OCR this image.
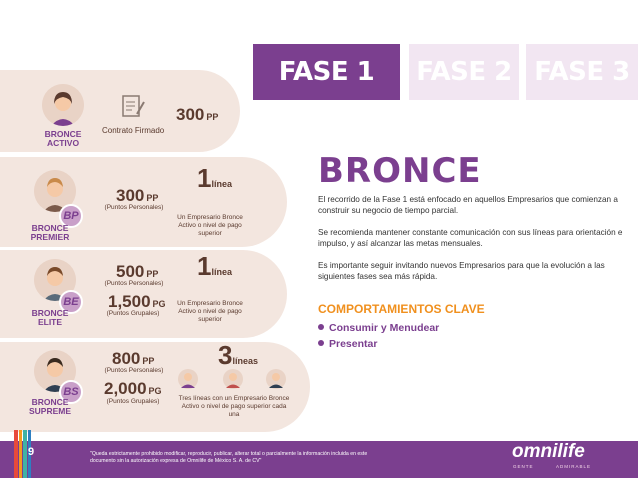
FASE 1	FASE 2 FASE 3
BRONCE ACTIVO
Contrato Firmado
300 PP
BP
BRONCE PREMIER
300 PP
(Puntos Personales)
1línea
Un Empresario Bronce Activo o nivel de pago superior
BE
BRONCE ELITE
500 PP
(Puntos Personales)
1,500 PG
(Puntos Grupales)
1línea
Un Empresario Bronce Activo o nivel de pago superior
BS
BRONCE SUPREME
800 PP
(Puntos Personales)
2,000 PG
(Puntos Grupales)
3líneas
Tres líneas con un Empresario Bronce Activo o nivel de pago superior cada una
BRONCE
El recorrido de la Fase 1 está enfocado en aquellos Empresarios que comienzan a construir su negocio de tiempo parcial.
Se recomienda mantener constante comunicación con sus líneas para orientación e impulso, y así alcanzar las metas mensuales.
Es importante seguir invitando nuevos Empresarios para que la evolución a las siguientes fases sea más rápida.
COMPORTAMIENTOS CLAVE
Consumir y Menudear
Presentar
9	"Queda estrictamente prohibido modificar, reproducir, publicar, alterar total o parcialmente la información incluida en este documento sin la autorización expresa de Omnilife de México S. A. de CV"	omnilife
GENTE	ADMIRABLE
